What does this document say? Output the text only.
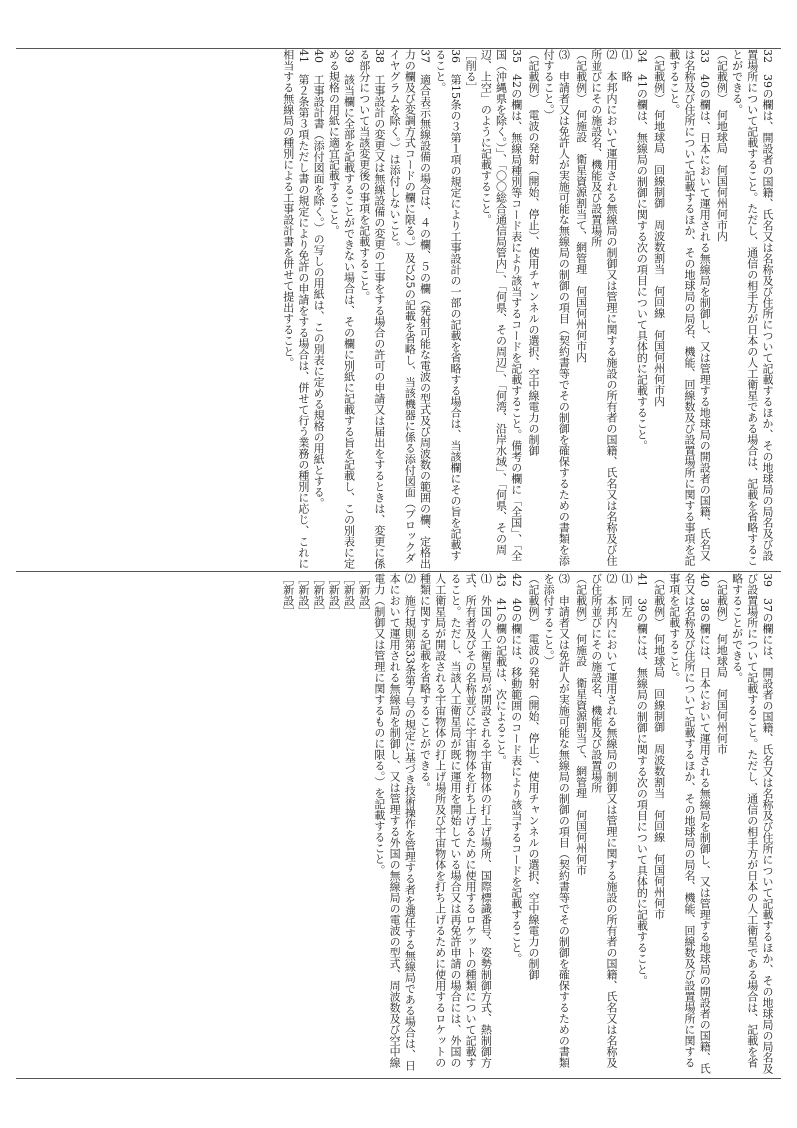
32　39の欄は、開設者の国籍、氏名又は名称及び住所について記載するほか、その地球局の局名及び設置場所について記載すること。ただし、通信の相手方が日本の人工衛星である場合は、記載を省略することができる。
（記載例）　何地球局　何国何州何市内
33　40の欄は、日本において運用される無線局を制御し、又は管理する地球局の開設者の国籍、氏名又は名称及び住所について記載するほか、その地球局の局名、機能、回線数及び設置場所に関する事項を記載すること。
（記載例）　何地球局　回線制御　周波数割当　何回線　何国何州何市内
34　41の欄は、無線局の制御に関する次の項目について具体的に記載すること。
⑴　略
⑵　本邦内において運用される無線局の制御又は管理に関する施設の所有者の国籍、氏名又は名称及び住所並びにその施設名、機能及び設置場所
（記載例）　何施設　衛星資源割当て、網管理　何国何州何市内
⑶　申請者又は免許人が実施可能な無線局の制御の項目（契約書等でその制御を確保するための書類を添付すること。）
（記載例）　電波の発射（開始、停止）、使用チャンネルの選択、空中線電力の制御
35　42の欄は、無線局種別等コード表により該当するコードを記載すること。備考の欄に「全国」、「全国（沖縄県を除く。）」、「〇〇総合通信局管内」、「何県、その周辺」、「何湾、沿岸水域」、「何県、その周辺、上空」のように記載すること。
［削る］
36　第15条の３第１項の規定により工事設計の一部の記載を省略する場合は、当該欄にその旨を記載すること。
37　適合表示無線設備の場合は、４の欄、５の欄（発射可能な電波の型式及び周波数の範囲の欄、定格出力の欄及び変調方式コードの欄に限る。）及び25の記載を省略し、当該機器に係る添付図面（ブロックダイヤグラムを除く。）は添付しないこと。
38　工事設計の変更又は無線設備の変更の工事をする場合の許可の申請又は届出をするときは、変更に係る部分について当該変更後の事項を記載すること。
39　該当欄に全部を記載することができない場合は、その欄に別紙に記載する旨を記載し、この別表に定める規格の用紙に適宜記載すること。
40　工事設計書（添付図面を除く。）の写しの用紙は、この別表に定める規格の用紙とする。
41　第２条第３項ただし書の規定により免許の申請をする場合は、併せて行う業務の種別に応じ、これに相当する無線局の種別による工事設計書を併せて提出すること。
39　37の欄には、開設者の国籍、氏名又は名称及び住所について記載するほか、その地球局の局名及び設置場所について記載すること。ただし、通信の相手方が日本の人工衛星である場合は、記載を省略することができる。
（記載例）　何地球局　何国何州何市
40　38の欄には、日本において運用される無線局を制御し、又は管理する地球局の開設者の国籍、氏名又は名称及び住所について記載するほか、その地球局の局名、機能、回線数及び設置場所に関する事項を記載すること。
（記載例）　何地球局　回線制御　周波数割当　何回線　何国何州何市
41　39の欄には、無線局の制御に関する次の項目について具体的に記載すること。
⑴　同左
⑵　本邦内において運用される無線局の制御又は管理に関する施設の所有者の国籍、氏名又は名称及び住所並びにその施設名、機能及び設置場所
（記載例）　何施設　衛星資源割当て、網管理　何国何州何市
⑶　申請者又は免許人が実施可能な無線局の制御の項目（契約書等でその制御を確保するための書類を添付すること。）
（記載例）　電波の発射（開始、停止）、使用チャンネルの選択、空中線電力の制御
42　40の欄には、移動範囲のコード表により該当するコードを記載すること。
43　41の欄の記載は、次によること。
⑴　外国の人工衛星局が開設される宇宙物体の打上げ場所、国際標識番号、姿勢制御方式、熱制御方式、所有者及びその名称並びに宇宙物体を打ち上げるために使用するロケットの種類について記載すること。ただし、当該人工衛星局が既に運用を開始している場合又は再免許申請の場合には、外国の人工衛星局が開設される宇宙物体の打上げ場所及び宇宙物体を打ち上げるために使用するロケットの種類に関する記載を省略することができる。
⑵　施行規則第33条第７号の規定に基づき技術操作を管理する者を選任する無線局である場合は、日本において運用される無線局を制御し、又は管理する外国の無線局の電波の型式、周波数及び空中線電力（制御又は管理に関するものに限る。）を記載すること。
［新設］
［新設］
［新設］
［新設］
［新設］
［新設］
